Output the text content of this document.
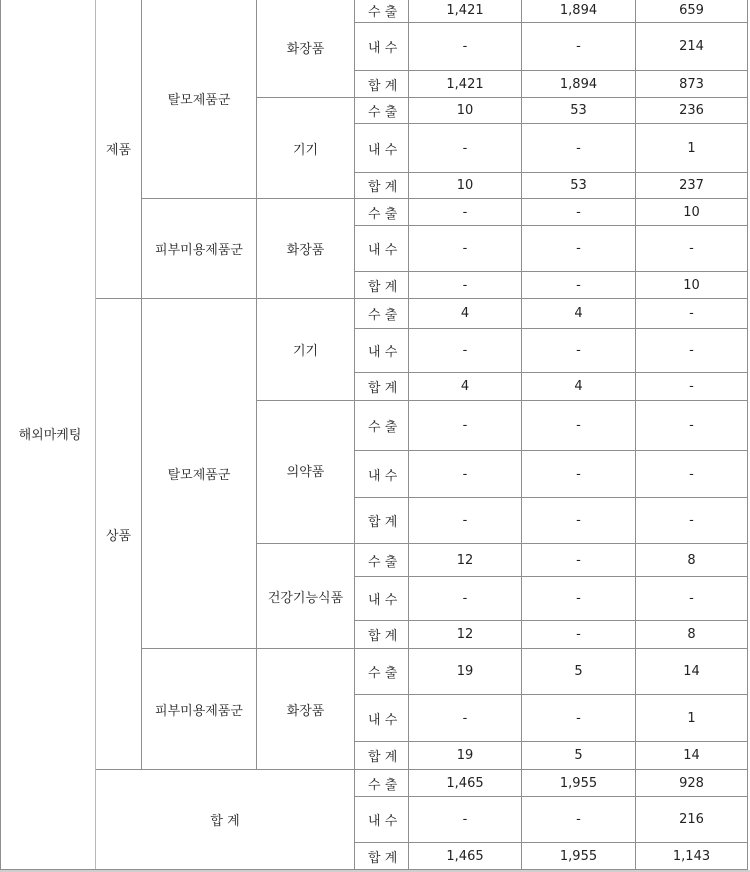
해외마케팅	제품	탈모제품군	화장품	수 출	1,421	1,894	659
				내 수	-	-	214
				합 계	1,421	1,894	873
			기기	수 출	10	53	236
				내 수	-	-	1
				합 계	10	53	237
		피부미용제품군	화장품	수 출	-	-	10
				내 수	-	-	-
				합 계	-	-	10
	상품	탈모제품군	기기	수 출	4	4	-
				내 수	-	-	-
				합 계	4	4	-
			의약품	수 출	-	-	-
				내 수	-	-	-
				합 계	-	-	-
			건강기능식품	수 출	12	-	8
				내 수	-	-	-
				합 계	12	-	8
		피부미용제품군	화장품	수 출	19	5	14
				내 수	-	-	1
				합 계	19	5	14
	합 계			수 출	1,465	1,955	928
				내 수	-	-	216
				합 계	1,465	1,955	1,143
